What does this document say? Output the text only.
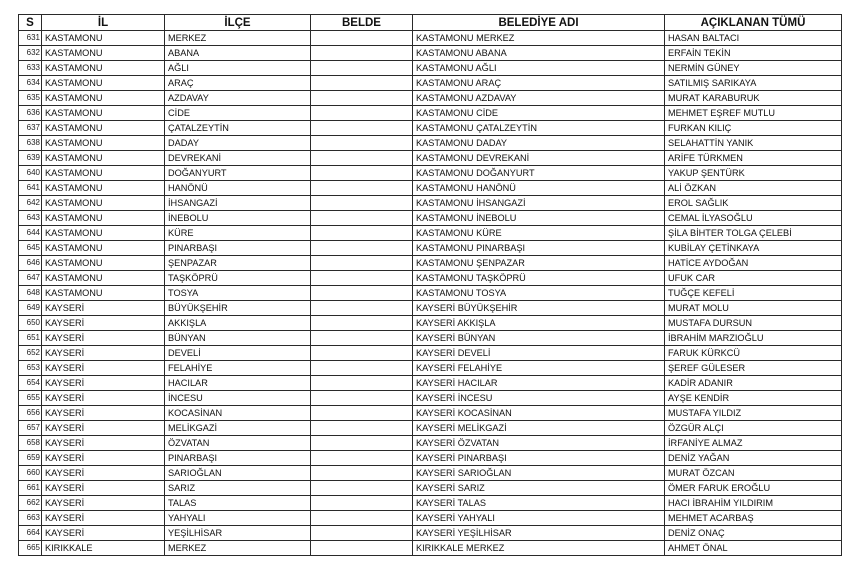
S	İL	İLÇE	BELDE	BELEDİYE ADI	AÇIKLANAN TÜMÜ
631	KASTAMONU	MERKEZ		KASTAMONU MERKEZ	HASAN BALTACI
632	KASTAMONU	ABANA		KASTAMONU ABANA	ERFAİN TEKİN
633	KASTAMONU	AĞLI		KASTAMONU AĞLI	NERMİN GÜNEY
634	KASTAMONU	ARAÇ		KASTAMONU ARAÇ	SATILMIŞ SARIKAYA
635	KASTAMONU	AZDAVAY		KASTAMONU AZDAVAY	MURAT KARABURUK
636	KASTAMONU	CİDE		KASTAMONU CİDE	MEHMET EŞREF MUTLU
637	KASTAMONU	ÇATALZEYTİN		KASTAMONU ÇATALZEYTİN	FURKAN KILIÇ
638	KASTAMONU	DADAY		KASTAMONU DADAY	SELAHATTİN YANIK
639	KASTAMONU	DEVREKANİ		KASTAMONU DEVREKANİ	ARİFE TÜRKMEN
640	KASTAMONU	DOĞANYURT		KASTAMONU DOĞANYURT	YAKUP ŞENTÜRK
641	KASTAMONU	HANÖNÜ		KASTAMONU HANÖNÜ	ALİ ÖZKAN
642	KASTAMONU	İHSANGAZİ		KASTAMONU İHSANGAZİ	EROL SAĞLIK
643	KASTAMONU	İNEBOLU		KASTAMONU İNEBOLU	CEMAL İLYASOĞLU
644	KASTAMONU	KÜRE		KASTAMONU KÜRE	ŞİLA BİHTER TOLGA ÇELEBİ
645	KASTAMONU	PINARBAŞI		KASTAMONU PINARBAŞI	KUBİLAY ÇETİNKAYA
646	KASTAMONU	ŞENPAZAR		KASTAMONU ŞENPAZAR	HATİCE AYDOĞAN
647	KASTAMONU	TAŞKÖPRÜ		KASTAMONU TAŞKÖPRÜ	UFUK CAR
648	KASTAMONU	TOSYA		KASTAMONU TOSYA	TUĞÇE KEFELİ
649	KAYSERİ	BÜYÜKŞEHİR		KAYSERİ BÜYÜKŞEHİR	MURAT MOLU
650	KAYSERİ	AKKIŞLA		KAYSERİ AKKIŞLA	MUSTAFA DURSUN
651	KAYSERİ	BÜNYAN		KAYSERİ BÜNYAN	İBRAHİM MARZIOĞLU
652	KAYSERİ	DEVELİ		KAYSERİ DEVELİ	FARUK KÜRKCÜ
653	KAYSERİ	FELAHİYE		KAYSERİ FELAHİYE	ŞEREF GÜLESER
654	KAYSERİ	HACILAR		KAYSERİ HACILAR	KADİR ADANIR
655	KAYSERİ	İNCESU		KAYSERİ İNCESU	AYŞE KENDİR
656	KAYSERİ	KOCASİNAN		KAYSERİ KOCASİNAN	MUSTAFA YILDIZ
657	KAYSERİ	MELİKGAZİ		KAYSERİ MELİKGAZİ	ÖZGÜR ALÇI
658	KAYSERİ	ÖZVATAN		KAYSERİ ÖZVATAN	İRFANİYE ALMAZ
659	KAYSERİ	PINARBAŞI		KAYSERİ PINARBAŞI	DENİZ YAĞAN
660	KAYSERİ	SARIOĞLAN		KAYSERİ SARIOĞLAN	MURAT ÖZCAN
661	KAYSERİ	SARIZ		KAYSERİ SARIZ	ÖMER FARUK EROĞLU
662	KAYSERİ	TALAS		KAYSERİ TALAS	HACI İBRAHİM YILDIRIM
663	KAYSERİ	YAHYALI		KAYSERİ YAHYALI	MEHMET ACARBAŞ
664	KAYSERİ	YEŞİLHİSAR		KAYSERİ YEŞİLHİSAR	DENİZ ONAÇ
665	KIRIKKALE	MERKEZ		KIRIKKALE MERKEZ	AHMET ÖNAL
